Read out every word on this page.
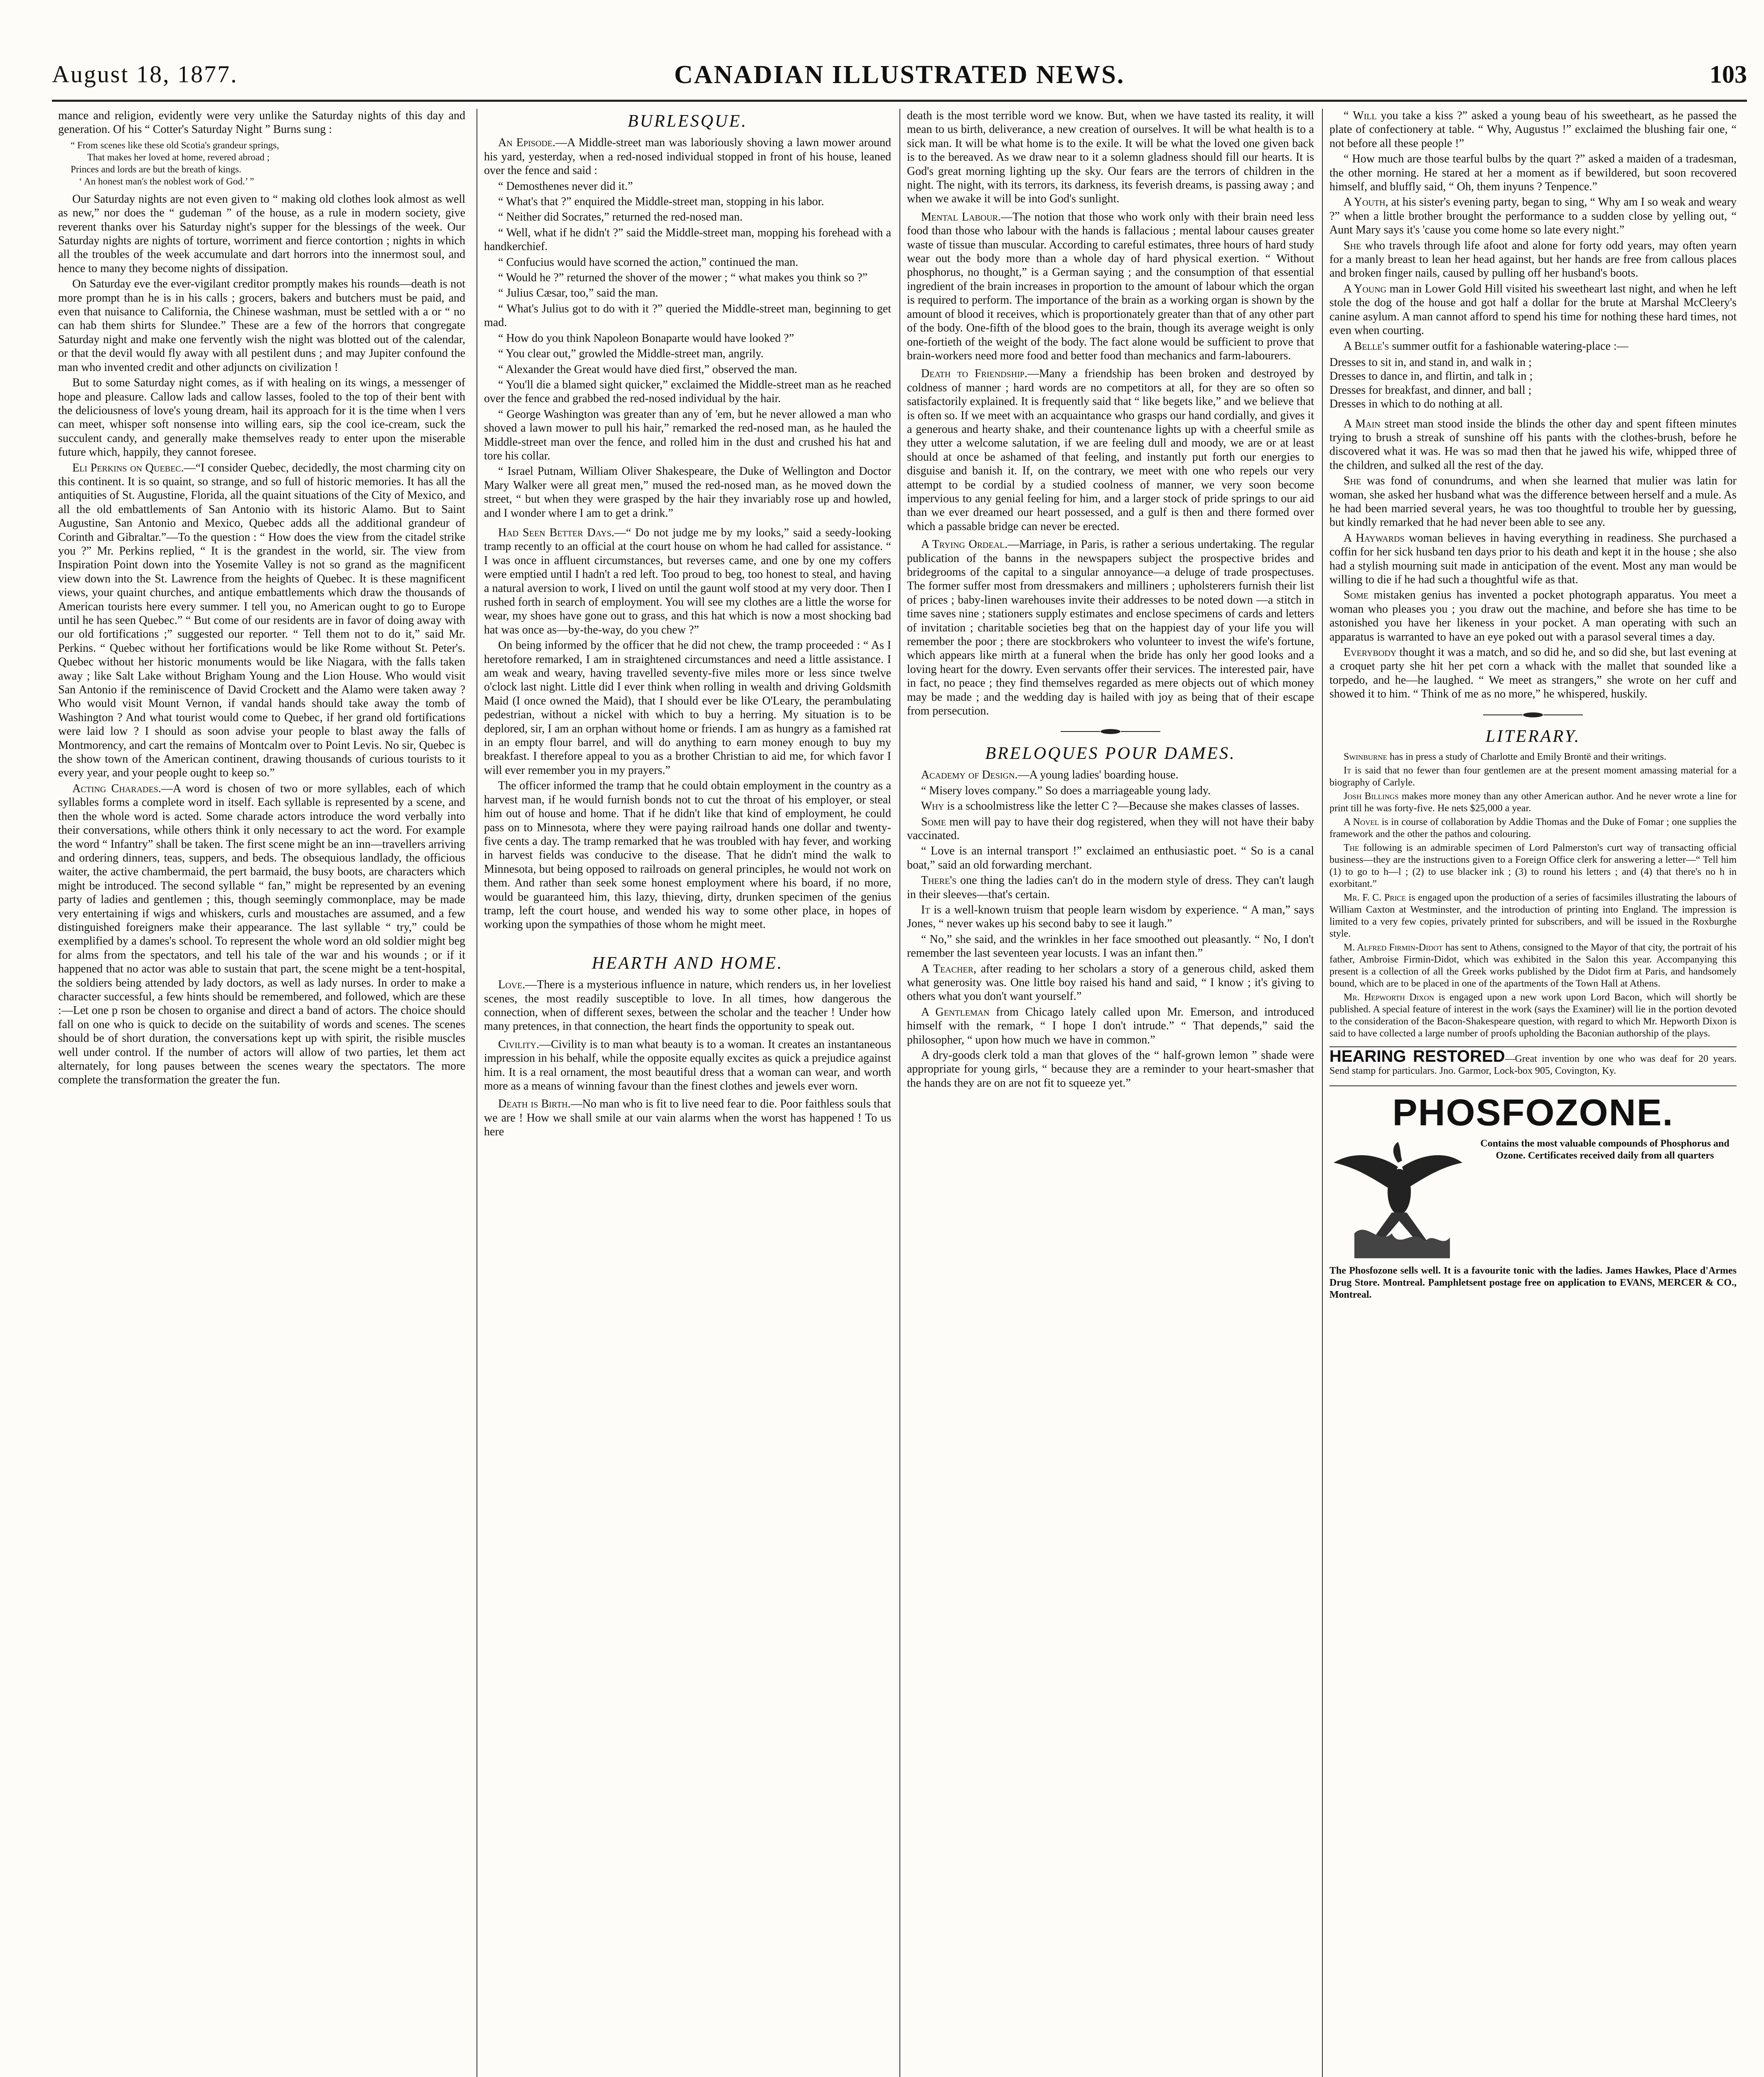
August 18, 1877.	CANADIAN ILLUSTRATED NEWS.	103

mance and religion, evidently were very unlike the Saturday nights of this day and generation. Of his “ Cotter's Saturday Night ” Burns sung :

“ From scenes like these old Scotia's grandeur springs,
That makes her loved at home, revered abroad ;
Princes and lords are but the breath of kings.
‘ An honest man's the noblest work of God.’ ”

Our Saturday nights are not even given to “ making old clothes look almost as well as new,” nor does the “ gudeman ” of the house, as a rule in modern society, give reverent thanks over his Saturday night's supper for the blessings of the week. Our Saturday nights are nights of torture, worriment and fierce contortion ; nights in which all the troubles of the week accumulate and dart horrors into the innermost soul, and hence to many they become nights of dissipation.

On Saturday eve the ever-vigilant creditor promptly makes his rounds—death is not more prompt than he is in his calls ; grocers, bakers and butchers must be paid, and even that nuisance to California, the Chinese washman, must be settled with a or “ no can hab them shirts for Slundee.” These are a few of the horrors that congregate Saturday night and make one fervently wish the night was blotted out of the calendar, or that the devil would fly away with all pestilent duns ; and may Jupiter confound the man who invented credit and other adjuncts on civilization !

But to some Saturday night comes, as if with healing on its wings, a messenger of hope and pleasure. Callow lads and callow lasses, fooled to the top of their bent with the deliciousness of love's young dream, hail its approach for it is the time when l vers can meet, whisper soft nonsense into willing ears, sip the cool ice-cream, suck the succulent candy, and generally make themselves ready to enter upon the miserable future which, happily, they cannot foresee.

Eli Perkins on Quebec.—“I consider Quebec, decidedly, the most charming city on this continent. It is so quaint, so strange, and so full of historic memories. It has all the antiquities of St. Augustine, Florida, all the quaint situations of the City of Mexico, and all the old embattlements of San Antonio with its historic Alamo. But to Saint Augustine, San Antonio and Mexico, Quebec adds all the additional grandeur of Corinth and Gibraltar.”—To the question : “ How does the view from the citadel strike you ?” Mr. Perkins replied, “ It is the grandest in the world, sir. The view from Inspiration Point down into the Yosemite Valley is not so grand as the magnificent view down into the St. Lawrence from the heights of Quebec. It is these magnificent views, your quaint churches, and antique embattlements which draw the thousands of American tourists here every summer. I tell you, no American ought to go to Europe until he has seen Quebec.” “ But come of our residents are in favor of doing away with our old fortifications ;” suggested our reporter. “ Tell them not to do it,” said Mr. Perkins. “ Quebec without her fortifications would be like Rome without St. Peter's. Quebec without her historic monuments would be like Niagara, with the falls taken away ; like Salt Lake without Brigham Young and the Lion House. Who would visit San Antonio if the reminiscence of David Crockett and the Alamo were taken away ? Who would visit Mount Vernon, if vandal hands should take away the tomb of Washington ? And what tourist would come to Quebec, if her grand old fortifications were laid low ? I should as soon advise your people to blast away the falls of Montmorency, and cart the remains of Montcalm over to Point Levis. No sir, Quebec is the show town of the American continent, drawing thousands of curious tourists to it every year, and your people ought to keep so.”

Acting Charades.—A word is chosen of two or more syllables, each of which syllables forms a complete word in itself. Each syllable is represented by a scene, and then the whole word is acted. Some charade actors introduce the word verbally into their conversations, while others think it only necessary to act the word. For example the word “ Infantry” shall be taken. The first scene might be an inn—travellers arriving and ordering dinners, teas, suppers, and beds. The obsequious landlady, the officious waiter, the active chambermaid, the pert barmaid, the busy boots, are characters which might be introduced. The second syllable “ fan,” might be represented by an evening party of ladies and gentlemen ; this, though seemingly commonplace, may be made very entertaining if wigs and whiskers, curls and moustaches are assumed, and a few distinguished foreigners make their appearance. The last syllable “ try,” could be exemplified by a dames's school. To represent the whole word an old soldier might beg for alms from the spectators, and tell his tale of the war and his wounds ; or if it happened that no actor was able to sustain that part, the scene might be a tent-hospital, the soldiers being attended by lady doctors, as well as lady nurses. In order to make a character successful, a few hints should be remembered, and followed, which are these :—Let one p rson be chosen to organise and direct a band of actors. The choice should fall on one who is quick to decide on the suitability of words and scenes. The scenes should be of short duration, the conversations kept up with spirit, the risible muscles well under control. If the number of actors will allow of two parties, let them act alternately, for long pauses between the scenes weary the spectators. The more complete the transformation the greater the fun.

BURLESQUE.

An Episode.—A Middle-street man was laboriously shoving a lawn mower around his yard, yesterday, when a red-nosed individual stopped in front of his house, leaned over the fence and said :

“ Demosthenes never did it.”

“ What's that ?” enquired the Middle-street man, stopping in his labor.

“ Neither did Socrates,” returned the red-nosed man.

“ Well, what if he didn't ?” said the Middle-street man, mopping his forehead with a handkerchief.

“ Confucius would have scorned the action,” continued the man.

“ Would he ?” returned the shover of the mower ; “ what makes you think so ?”

“ Julius Cæsar, too,” said the man.

“ What's Julius got to do with it ?” queried the Middle-street man, beginning to get mad.

“ How do you think Napoleon Bonaparte would have looked ?”

“ You clear out,” growled the Middle-street man, angrily.

“ Alexander the Great would have died first,” observed the man.

“ You'll die a blamed sight quicker,” exclaimed the Middle-street man as he reached over the fence and grabbed the red-nosed individual by the hair.

“ George Washington was greater than any of 'em, but he never allowed a man who shoved a lawn mower to pull his hair,” remarked the red-nosed man, as he hauled the Middle-street man over the fence, and rolled him in the dust and crushed his hat and tore his collar.

“ Israel Putnam, William Oliver Shakespeare, the Duke of Wellington and Doctor Mary Walker were all great men,” mused the red-nosed man, as he moved down the street, “ but when they were grasped by the hair they invariably rose up and howled, and I wonder where I am to get a drink.”

Had Seen Better Days.—“ Do not judge me by my looks,” said a seedy-looking tramp recently to an official at the court house on whom he had called for assistance. “ I was once in affluent circumstances, but reverses came, and one by one my coffers were emptied until I hadn't a red left. Too proud to beg, too honest to steal, and having a natural aversion to work, I lived on until the gaunt wolf stood at my very door. Then I rushed forth in search of employment. You will see my clothes are a little the worse for wear, my shoes have gone out to grass, and this hat which is now a most shocking bad hat was once as—by-the-way, do you chew ?”

On being informed by the officer that he did not chew, the tramp proceeded : “ As I heretofore remarked, I am in straightened circumstances and need a little assistance. I am weak and weary, having travelled seventy-five miles more or less since twelve o'clock last night. Little did I ever think when rolling in wealth and driving Goldsmith Maid (I once owned the Maid), that I should ever be like O'Leary, the perambulating pedestrian, without a nickel with which to buy a herring. My situation is to be deplored, sir, I am an orphan without home or friends. I am as hungry as a famished rat in an empty flour barrel, and will do anything to earn money enough to buy my breakfast. I therefore appeal to you as a brother Christian to aid me, for which favor I will ever remember you in my prayers.”

The officer informed the tramp that he could obtain employment in the country as a harvest man, if he would furnish bonds not to cut the throat of his employer, or steal him out of house and home. That if he didn't like that kind of employment, he could pass on to Minnesota, where they were paying railroad hands one dollar and twenty-five cents a day. The tramp remarked that he was troubled with hay fever, and working in harvest fields was conducive to the disease. That he didn't mind the walk to Minnesota, but being opposed to railroads on general principles, he would not work on them. And rather than seek some honest employment where his board, if no more, would be guaranteed him, this lazy, thieving, dirty, drunken specimen of the genius tramp, left the court house, and wended his way to some other place, in hopes of working upon the sympathies of those whom he might meet.

HEARTH AND HOME.

Love.—There is a mysterious influence in nature, which renders us, in her loveliest scenes, the most readily susceptible to love. In all times, how dangerous the connection, when of different sexes, between the scholar and the teacher ! Under how many pretences, in that connection, the heart finds the opportunity to speak out.

Civility.—Civility is to man what beauty is to a woman. It creates an instantaneous impression in his behalf, while the opposite equally excites as quick a prejudice against him. It is a real ornament, the most beautiful dress that a woman can wear, and worth more as a means of winning favour than the finest clothes and jewels ever worn.

Death is Birth.—No man who is fit to live need fear to die. Poor faithless souls that we are ! How we shall smile at our vain alarms when the worst has happened ! To us here

death is the most terrible word we know. But, when we have tasted its reality, it will mean to us birth, deliverance, a new creation of ourselves. It will be what health is to a sick man. It will be what home is to the exile. It will be what the loved one given back is to the bereaved. As we draw near to it a solemn gladness should fill our hearts. It is God's great morning lighting up the sky. Our fears are the terrors of children in the night. The night, with its terrors, its darkness, its feverish dreams, is passing away ; and when we awake it will be into God's sunlight.

Mental Labour.—The notion that those who work only with their brain need less food than those who labour with the hands is fallacious ; mental labour causes greater waste of tissue than muscular. According to careful estimates, three hours of hard study wear out the body more than a whole day of hard physical exertion. “ Without phosphorus, no thought,” is a German saying ; and the consumption of that essential ingredient of the brain increases in proportion to the amount of labour which the organ is required to perform. The importance of the brain as a working organ is shown by the amount of blood it receives, which is proportionately greater than that of any other part of the body. One-fifth of the blood goes to the brain, though its average weight is only one-fortieth of the weight of the body. The fact alone would be sufficient to prove that brain-workers need more food and better food than mechanics and farm-labourers.

Death to Friendship.—Many a friendship has been broken and destroyed by coldness of manner ; hard words are no competitors at all, for they are so often so satisfactorily explained. It is frequently said that “ like begets like,” and we believe that is often so. If we meet with an acquaintance who grasps our hand cordially, and gives it a generous and hearty shake, and their countenance lights up with a cheerful smile as they utter a welcome salutation, if we are feeling dull and moody, we are or at least should at once be ashamed of that feeling, and instantly put forth our energies to disguise and banish it. If, on the contrary, we meet with one who repels our very attempt to be cordial by a studied coolness of manner, we very soon become impervious to any genial feeling for him, and a larger stock of pride springs to our aid than we ever dreamed our heart possessed, and a gulf is then and there formed over which a passable bridge can never be erected.

A Trying Ordeal.—Marriage, in Paris, is rather a serious undertaking. The regular publication of the banns in the newspapers subject the prospective brides and bridegrooms of the capital to a singular annoyance—a deluge of trade prospectuses. The former suffer most from dressmakers and milliners ; upholsterers furnish their list of prices ; baby-linen warehouses invite their addresses to be noted down —a stitch in time saves nine ; stationers supply estimates and enclose specimens of cards and letters of invitation ; charitable societies beg that on the happiest day of your life you will remember the poor ; there are stockbrokers who volunteer to invest the wife's fortune, which appears like mirth at a funeral when the bride has only her good looks and a loving heart for the dowry. Even servants offer their services. The interested pair, have in fact, no peace ; they find themselves regarded as mere objects out of which money may be made ; and the wedding day is hailed with joy as being that of their escape from persecution.

BRELOQUES POUR DAMES.

Academy of Design.—A young ladies' boarding house.

“ Misery loves company.” So does a marriageable young lady.

Why is a schoolmistress like the letter C ?—Because she makes classes of lasses.

Some men will pay to have their dog registered, when they will not have their baby vaccinated.

“ Love is an internal transport !” exclaimed an enthusiastic poet. “ So is a canal boat,” said an old forwarding merchant.

There's one thing the ladies can't do in the modern style of dress. They can't laugh in their sleeves—that's certain.

It is a well-known truism that people learn wisdom by experience. “ A man,” says Jones, “ never wakes up his second baby to see it laugh.”

“ No,” she said, and the wrinkles in her face smoothed out pleasantly. “ No, I don't remember the last seventeen year locusts. I was an infant then.”

A Teacher, after reading to her scholars a story of a generous child, asked them what generosity was. One little boy raised his hand and said, “ I know ; it's giving to others what you don't want yourself.”

A Gentleman from Chicago lately called upon Mr. Emerson, and introduced himself with the remark, “ I hope I don't intrude.” “ That depends,” said the philosopher, “ upon how much we have in common.”

A dry-goods clerk told a man that gloves of the “ half-grown lemon ” shade were appropriate for young girls, “ because they are a reminder to your heart-smasher that the hands they are on are not fit to squeeze yet.”

“ Will you take a kiss ?” asked a young beau of his sweetheart, as he passed the plate of confectionery at table. “ Why, Augustus !” exclaimed the blushing fair one, “ not before all these people !”

“ How much are those tearful bulbs by the quart ?” asked a maiden of a tradesman, the other morning. He stared at her a moment as if bewildered, but soon recovered himself, and bluffly said, “ Oh, them inyuns ? Tenpence.”

A Youth, at his sister's evening party, began to sing, “ Why am I so weak and weary ?” when a little brother brought the performance to a sudden close by yelling out, “ Aunt Mary says it's 'cause you come home so late every night.”

She who travels through life afoot and alone for forty odd years, may often yearn for a manly breast to lean her head against, but her hands are free from callous places and broken finger nails, caused by pulling off her husband's boots.

A Young man in Lower Gold Hill visited his sweetheart last night, and when he left stole the dog of the house and got half a dollar for the brute at Marshal McCleery's canine asylum. A man cannot afford to spend his time for nothing these hard times, not even when courting.

A Belle's summer outfit for a fashionable watering-place :—

Dresses to sit in, and stand in, and walk in ;
Dresses to dance in, and flirtin, and talk in ;
Dresses for breakfast, and dinner, and ball ;
Dresses in which to do nothing at all.

A Main street man stood inside the blinds the other day and spent fifteen minutes trying to brush a streak of sunshine off his pants with the clothes-brush, before he discovered what it was. He was so mad then that he jawed his wife, whipped three of the children, and sulked all the rest of the day.

She was fond of conundrums, and when she learned that mulier was latin for woman, she asked her husband what was the difference between herself and a mule. As he had been married several years, he was too thoughtful to trouble her by guessing, but kindly remarked that he had never been able to see any.

A Haywards woman believes in having everything in readiness. She purchased a coffin for her sick husband ten days prior to his death and kept it in the house ; she also had a stylish mourning suit made in anticipation of the event. Most any man would be willing to die if he had such a thoughtful wife as that.

Some mistaken genius has invented a pocket photograph apparatus. You meet a woman who pleases you ; you draw out the machine, and before she has time to be astonished you have her likeness in your pocket. A man operating with such an apparatus is warranted to have an eye poked out with a parasol several times a day.

Everybody thought it was a match, and so did he, and so did she, but last evening at a croquet party she hit her pet corn a whack with the mallet that sounded like a torpedo, and he—he laughed. “ We meet as strangers,” she wrote on her cuff and showed it to him. “ Think of me as no more,” he whispered, huskily.

LITERARY.

Swinburne has in press a study of Charlotte and Emily Brontë and their writings.

It is said that no fewer than four gentlemen are at the present moment amassing material for a biography of Carlyle.

Josh Billings makes more money than any other American author. And he never wrote a line for print till he was forty-five. He nets $25,000 a year.

A Novel is in course of collaboration by Addie Thomas and the Duke of Fomar ; one supplies the framework and the other the pathos and colouring.

The following is an admirable specimen of Lord Palmerston's curt way of transacting official business—they are the instructions given to a Foreign Office clerk for answering a letter—“ Tell him (1) to go to h—l ; (2) to use blacker ink ; (3) to round his letters ; and (4) that there's no h in exorbitant.”

Mr. F. C. Price is engaged upon the production of a series of facsimiles illustrating the labours of William Caxton at Westminster, and the introduction of printing into England. The impression is limited to a very few copies, privately printed for subscribers, and will be issued in the Roxburghe style.

M. Alfred Firmin-Didot has sent to Athens, consigned to the Mayor of that city, the portrait of his father, Ambroise Firmin-Didot, which was exhibited in the Salon this year. Accompanying this present is a collection of all the Greek works published by the Didot firm at Paris, and handsomely bound, which are to be placed in one of the apartments of the Town Hall at Athens.

Mr. Hepworth Dixon is engaged upon a new work upon Lord Bacon, which will shortly be published. A special feature of interest in the work (says the Examiner) will lie in the portion devoted to the consideration of the Bacon-Shakespeare question, with regard to which Mr. Hepworth Dixon is said to have collected a large number of proofs upholding the Baconian authorship of the plays.

HEARING RESTORED—Great invention by one who was deaf for 20 years. Send stamp for particulars. Jno. Garmor, Lock-box 905, Covington, Ky.
PHOSFOZONE.
Contains the most valuable compounds of Phosphorus and Ozone. Certificates received daily from all quarters
The Phosfozone sells well. It is a favourite tonic with the ladies. James Hawkes, Place d'Armes Drug Store. Montreal. Pamphletsent postage free on application to EVANS, MERCER & CO., Montreal.
